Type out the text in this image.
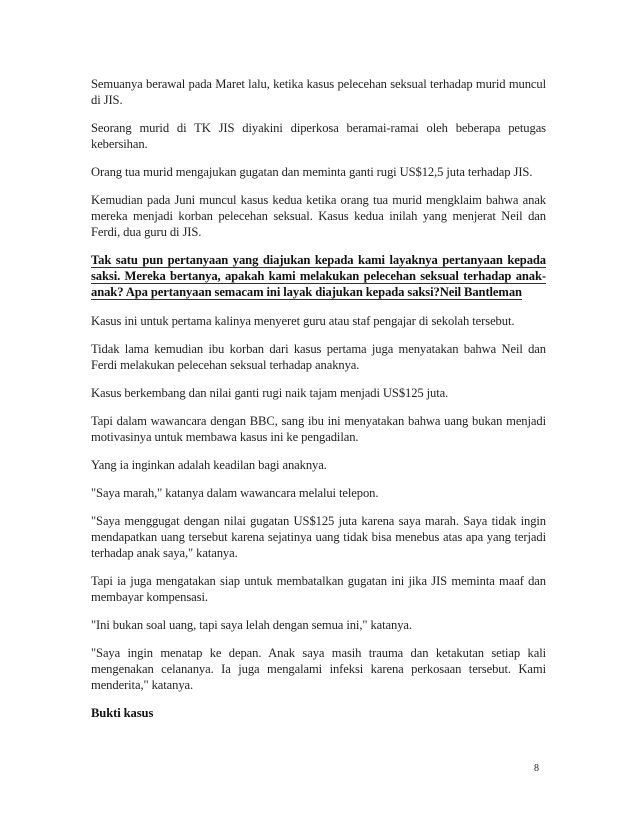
Semuanya berawal pada Maret lalu, ketika kasus pelecehan seksual terhadap murid muncul di JIS.

Seorang murid di TK JIS diyakini diperkosa beramai-ramai oleh beberapa petugas kebersihan.

Orang tua murid mengajukan gugatan dan meminta ganti rugi US$12,5 juta terhadap JIS.

Kemudian pada Juni muncul kasus kedua ketika orang tua murid mengklaim bahwa anak mereka menjadi korban pelecehan seksual. Kasus kedua inilah yang menjerat Neil dan Ferdi, dua guru di JIS.

Tak satu pun pertanyaan yang diajukan kepada kami layaknya pertanyaan kepada saksi. Mereka bertanya, apakah kami melakukan pelecehan seksual terhadap anak-anak? Apa pertanyaan semacam ini layak diajukan kepada saksi?Neil Bantleman

Kasus ini untuk pertama kalinya menyeret guru atau staf pengajar di sekolah tersebut.

Tidak lama kemudian ibu korban dari kasus pertama juga menyatakan bahwa Neil dan Ferdi melakukan pelecehan seksual terhadap anaknya.

Kasus berkembang dan nilai ganti rugi naik tajam menjadi US$125 juta.

Tapi dalam wawancara dengan BBC, sang ibu ini menyatakan bahwa uang bukan menjadi motivasinya untuk membawa kasus ini ke pengadilan.

Yang ia inginkan adalah keadilan bagi anaknya.

"Saya marah," katanya dalam wawancara melalui telepon.

"Saya menggugat dengan nilai gugatan US$125 juta karena saya marah. Saya tidak ingin mendapatkan uang tersebut karena sejatinya uang tidak bisa menebus atas apa yang terjadi terhadap anak saya," katanya.

Tapi ia juga mengatakan siap untuk membatalkan gugatan ini jika JIS meminta maaf dan membayar kompensasi.

"Ini bukan soal uang, tapi saya lelah dengan semua ini," katanya.

"Saya ingin menatap ke depan. Anak saya masih trauma dan ketakutan setiap kali mengenakan celananya. Ia juga mengalami infeksi karena perkosaan tersebut. Kami menderita," katanya.

Bukti kasus

8
